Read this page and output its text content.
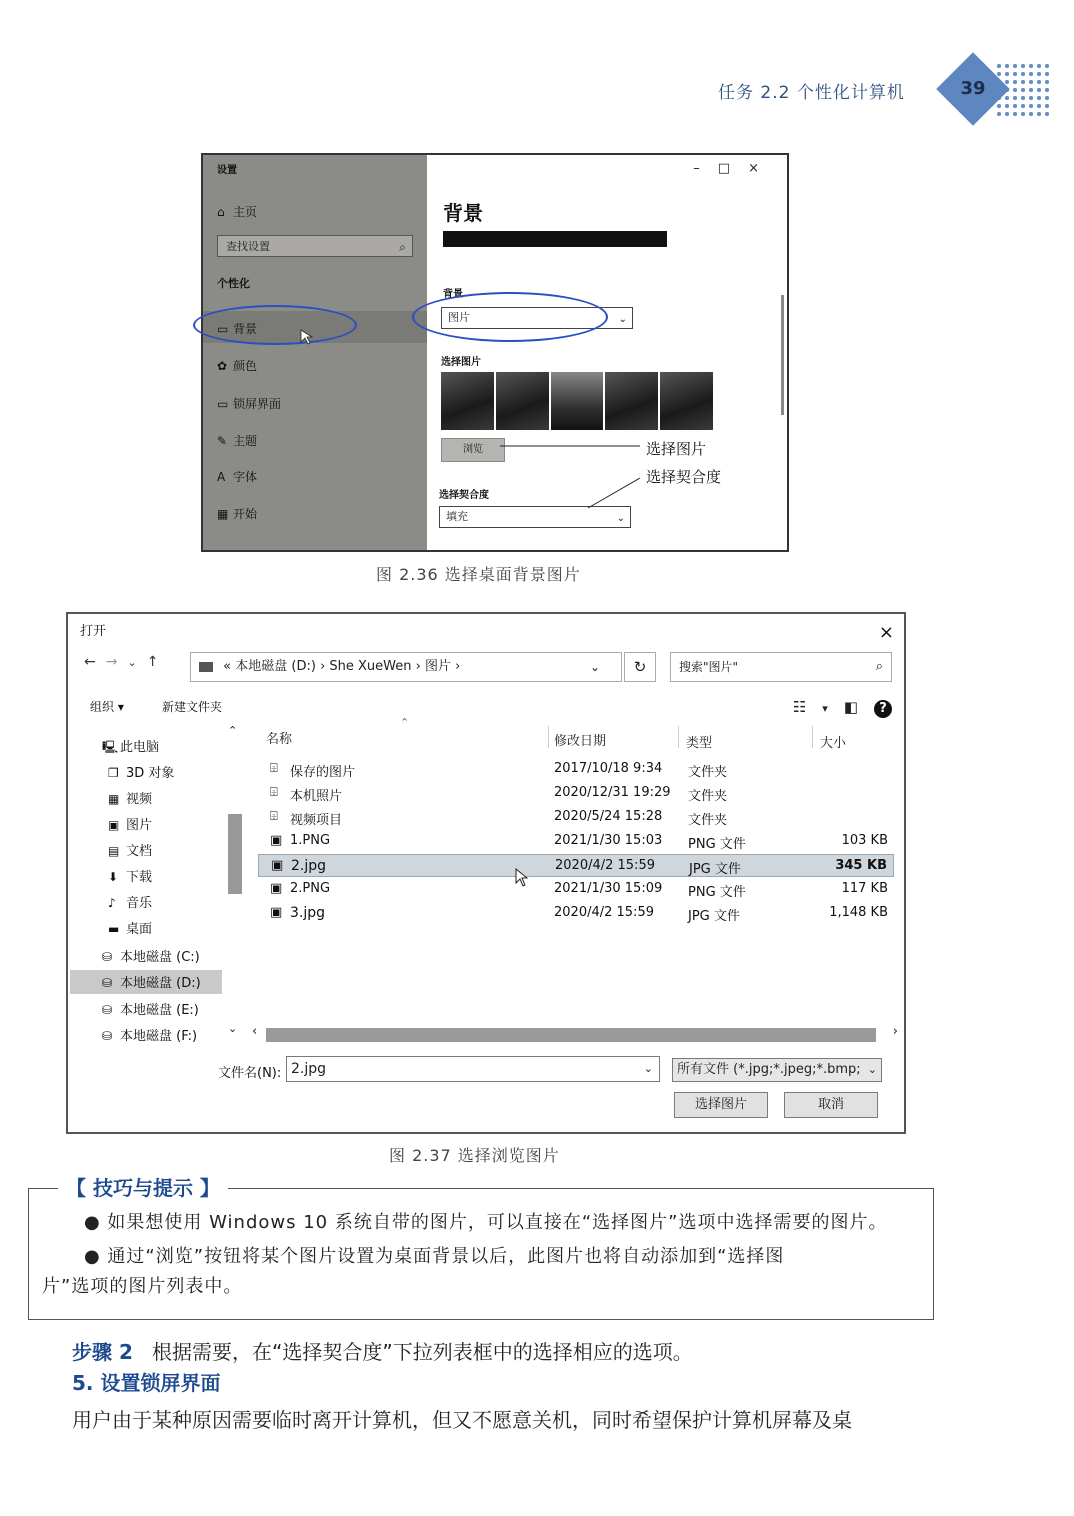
任务 2.2 个性化计算机	39
设置
⌂ 主页
查找设置	⌕
个性化
▭ 背景
✿ 颜色
▭ 锁屏界面
✎ 主题
A 字体
▦ 开始
–□×
背景
背景
图片	⌄
选择图片
浏览
选择契合度
填充	⌄
选择图片
选择契合度
图 2.36 选择桌面背景图片
打开	×
←→⌄↑	« 本地磁盘 (D:) › She XueWen › 图片 ›	⌄	↻	搜索"图片"	⌕
组织 ▾	新建文件夹	☷▾◧ ?
🖳 此电脑
❒ 3D 对象
▦ 视频
▣ 图片
▤ 文档
⬇ 下载
♪ 音乐
▬ 桌面
⛁ 本地磁盘 (C:)
⛁ 本地磁盘 (D:)
⛁ 本地磁盘 (E:)
⛁ 本地磁盘 (F:)
⌃
⌄
名称
⌃
修改日期	类型	大小
⌹ 保存的图片	2017/10/18 9:34 文件夹
⌹ 本机照片	2020/12/31 19:29 文件夹
⌹ 视频项目	2020/5/24 15:28 文件夹
▣ 1.PNG	2021/1/30 15:03 PNG 文件	103 KB
▣ 2.jpg	2020/4/2 15:59	JPG 文件	345 KB
▣ 2.PNG	2021/1/30 15:09 PNG 文件	117 KB
▣ 3.jpg	2020/4/2 15:59	JPG 文件	1,148 KB
‹	›
文件名(N): 2.jpg	⌄	所有文件 (*.jpg;*.jpeg;*.bmp; ⌄
选择图片	取消
图 2.37 选择浏览图片
【 技巧与提示 】
● 如果想使用 Windows 10 系统自带的图片，可以直接在“选择图片”选项中选择需要的图片。
● 通过“浏览”按钮将某个图片设置为桌面背景以后，此图片也将自动添加到“选择图
片”选项的图片列表中。
步骤 2 根据需要，在“选择契合度”下拉列表框中的选择相应的选项。
5. 设置锁屏界面
用户由于某种原因需要临时离开计算机，但又不愿意关机，同时希望保护计算机屏幕及桌
